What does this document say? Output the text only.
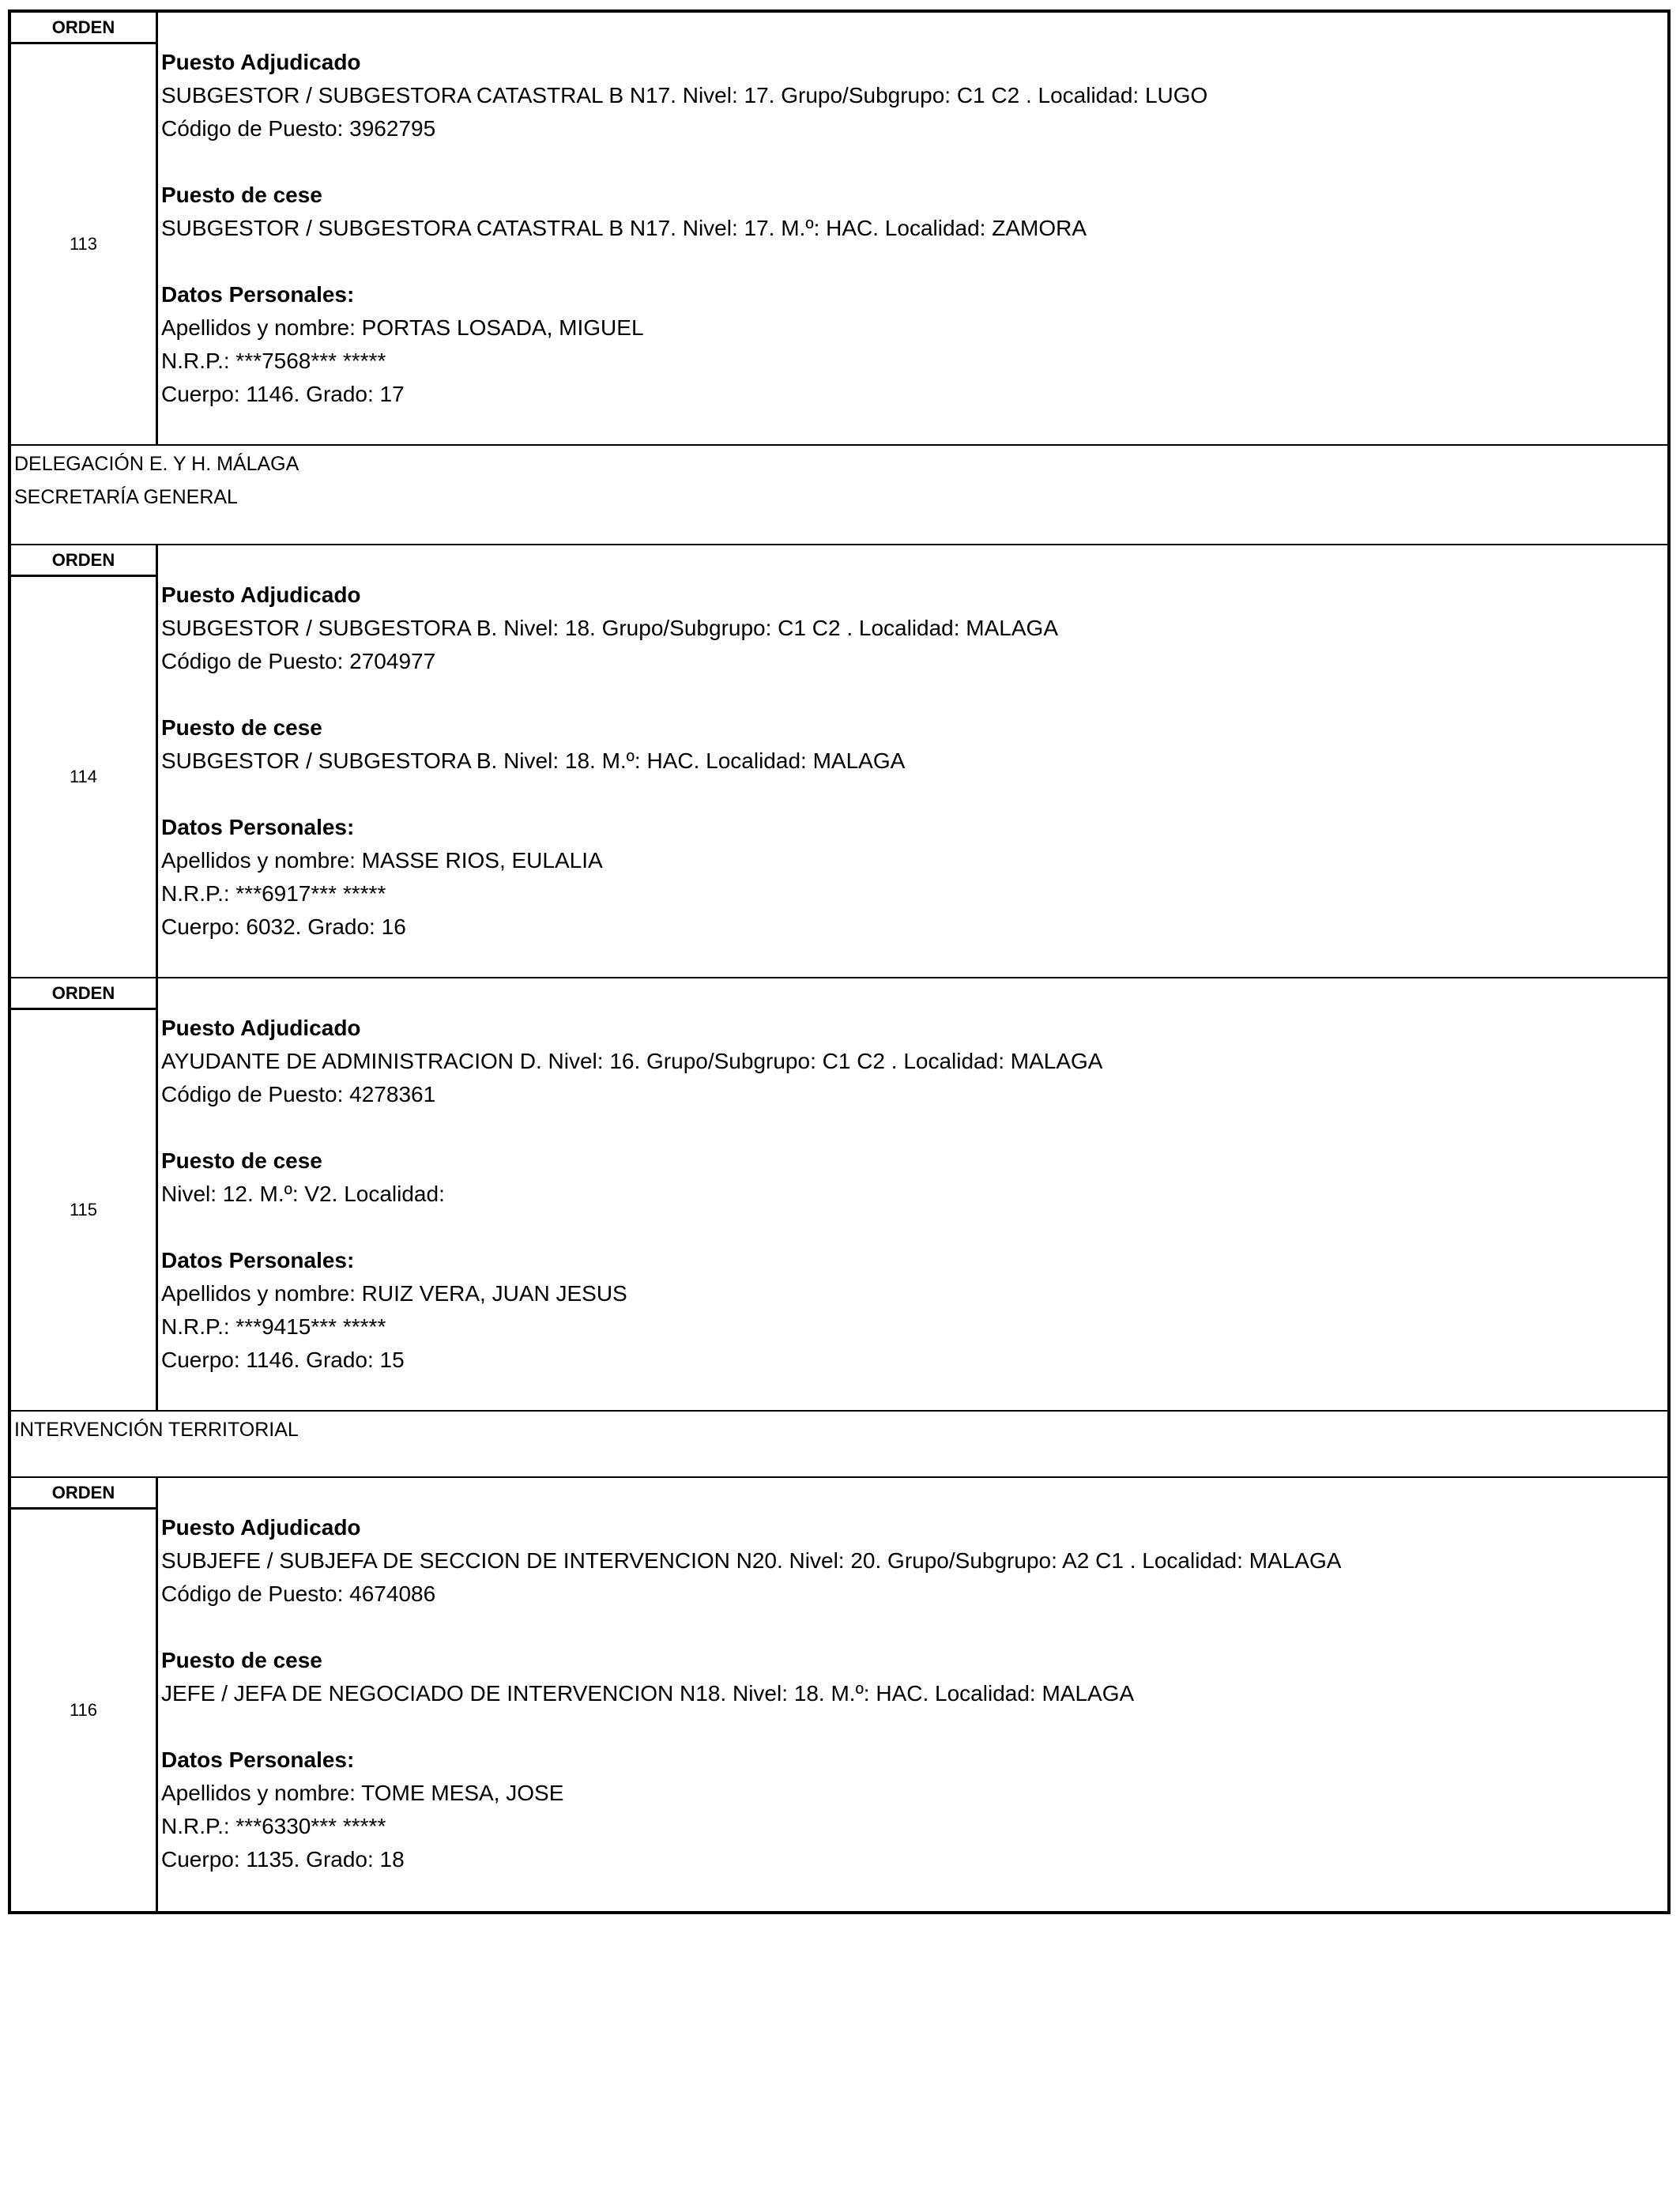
ORDEN
113
Puesto Adjudicado
SUBGESTOR / SUBGESTORA CATASTRAL B N17. Nivel: 17. Grupo/Subgrupo: C1 C2 . Localidad: LUGO
Código de Puesto: 3962795
Puesto de cese
SUBGESTOR / SUBGESTORA CATASTRAL B N17. Nivel: 17. M.º: HAC. Localidad: ZAMORA
Datos Personales:
Apellidos y nombre: PORTAS LOSADA, MIGUEL
N.R.P.: ***7568*** *****
Cuerpo: 1146. Grado: 17
DELEGACIÓN E. Y H. MÁLAGA
SECRETARÍA GENERAL
ORDEN
114
Puesto Adjudicado
SUBGESTOR / SUBGESTORA B. Nivel: 18. Grupo/Subgrupo: C1 C2 . Localidad: MALAGA
Código de Puesto: 2704977
Puesto de cese
SUBGESTOR / SUBGESTORA B. Nivel: 18. M.º: HAC. Localidad: MALAGA
Datos Personales:
Apellidos y nombre: MASSE RIOS, EULALIA
N.R.P.: ***6917*** *****
Cuerpo: 6032. Grado: 16
ORDEN
115
Puesto Adjudicado
AYUDANTE DE ADMINISTRACION D. Nivel: 16. Grupo/Subgrupo: C1 C2 . Localidad: MALAGA
Código de Puesto: 4278361
Puesto de cese
Nivel: 12. M.º: V2. Localidad:
Datos Personales:
Apellidos y nombre: RUIZ VERA, JUAN JESUS
N.R.P.: ***9415*** *****
Cuerpo: 1146. Grado: 15
INTERVENCIÓN TERRITORIAL
ORDEN
116
Puesto Adjudicado
SUBJEFE / SUBJEFA DE SECCION DE INTERVENCION N20. Nivel: 20. Grupo/Subgrupo: A2 C1 . Localidad: MALAGA
Código de Puesto: 4674086
Puesto de cese
JEFE / JEFA DE NEGOCIADO DE INTERVENCION N18. Nivel: 18. M.º: HAC. Localidad: MALAGA
Datos Personales:
Apellidos y nombre: TOME MESA, JOSE
N.R.P.: ***6330*** *****
Cuerpo: 1135. Grado: 18
